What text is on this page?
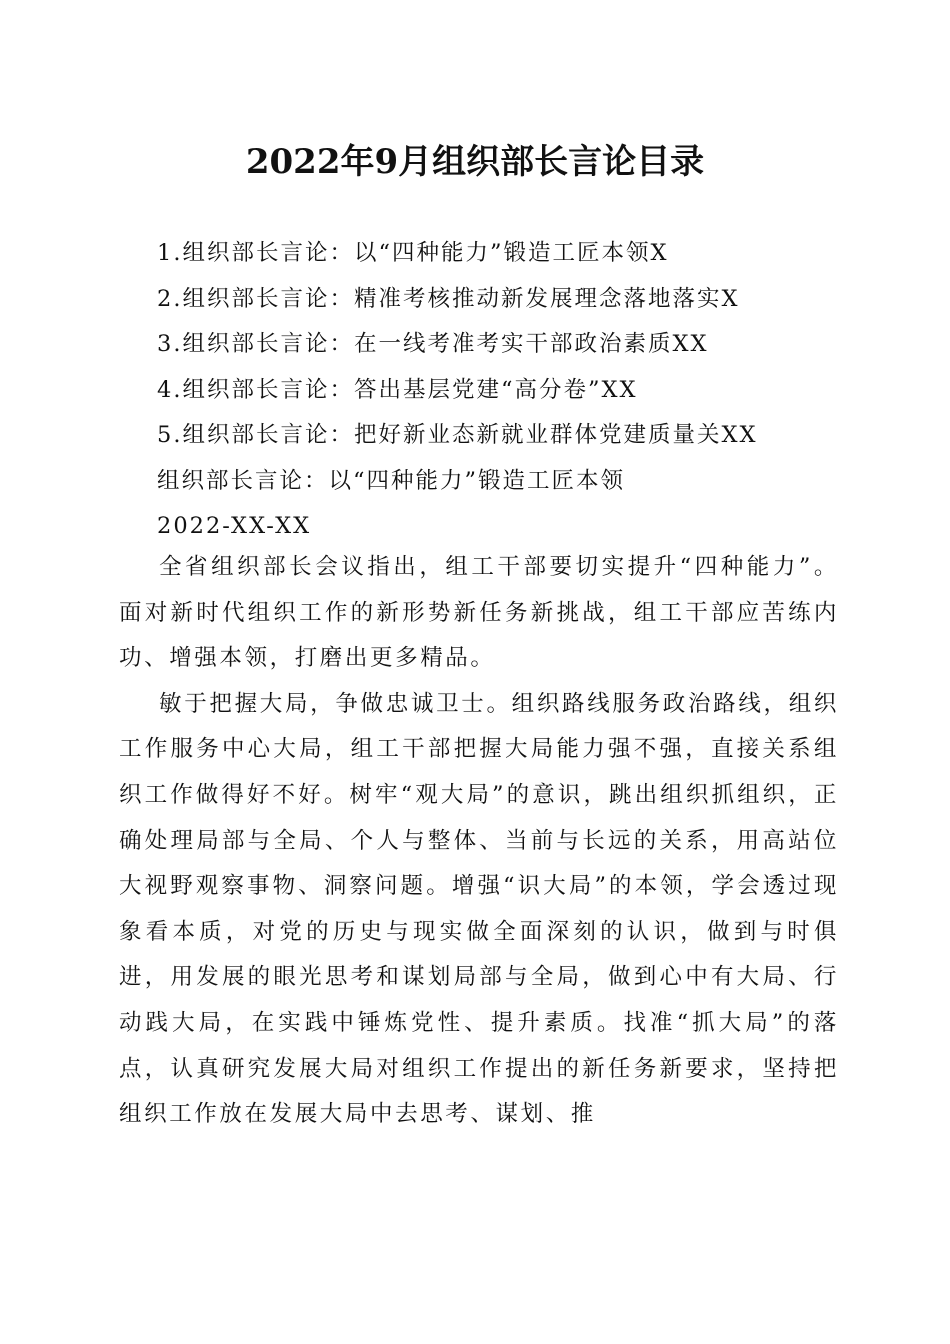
2022年9月组织部长言论目录
1.组织部长言论：以“四种能力”锻造工匠本领X
2.组织部长言论：精准考核推动新发展理念落地落实X
3.组织部长言论：在一线考准考实干部政治素质XX
4.组织部长言论：答出基层党建“高分卷”XX
5.组织部长言论：把好新业态新就业群体党建质量关XX
组织部长言论：以“四种能力”锻造工匠本领
2022-XX-XX

全省组织部长会议指出，组工干部要切实提升“四种能力”。面对新时代组织工作的新形势新任务新挑战，组工干部应苦练内功、增强本领，打磨出更多精品。

敏于把握大局，争做忠诚卫士。组织路线服务政治路线，组织工作服务中心大局，组工干部把握大局能力强不强，直接关系组织工作做得好不好。树牢“观大局”的意识，跳出组织抓组织，正确处理局部与全局、个人与整体、当前与长远的关系，用高站位大视野观察事物、洞察问题。增强“识大局”的本领，学会透过现象看本质，对党的历史与现实做全面深刻的认识，做到与时俱进，用发展的眼光思考和谋划局部与全局，做到心中有大局、行动践大局，在实践中锤炼党性、提升素质。找准“抓大局”的落点，认真研究发展大局对组织工作提出的新任务新要求，坚持把组织工作放在发展大局中去思考、谋划、推
